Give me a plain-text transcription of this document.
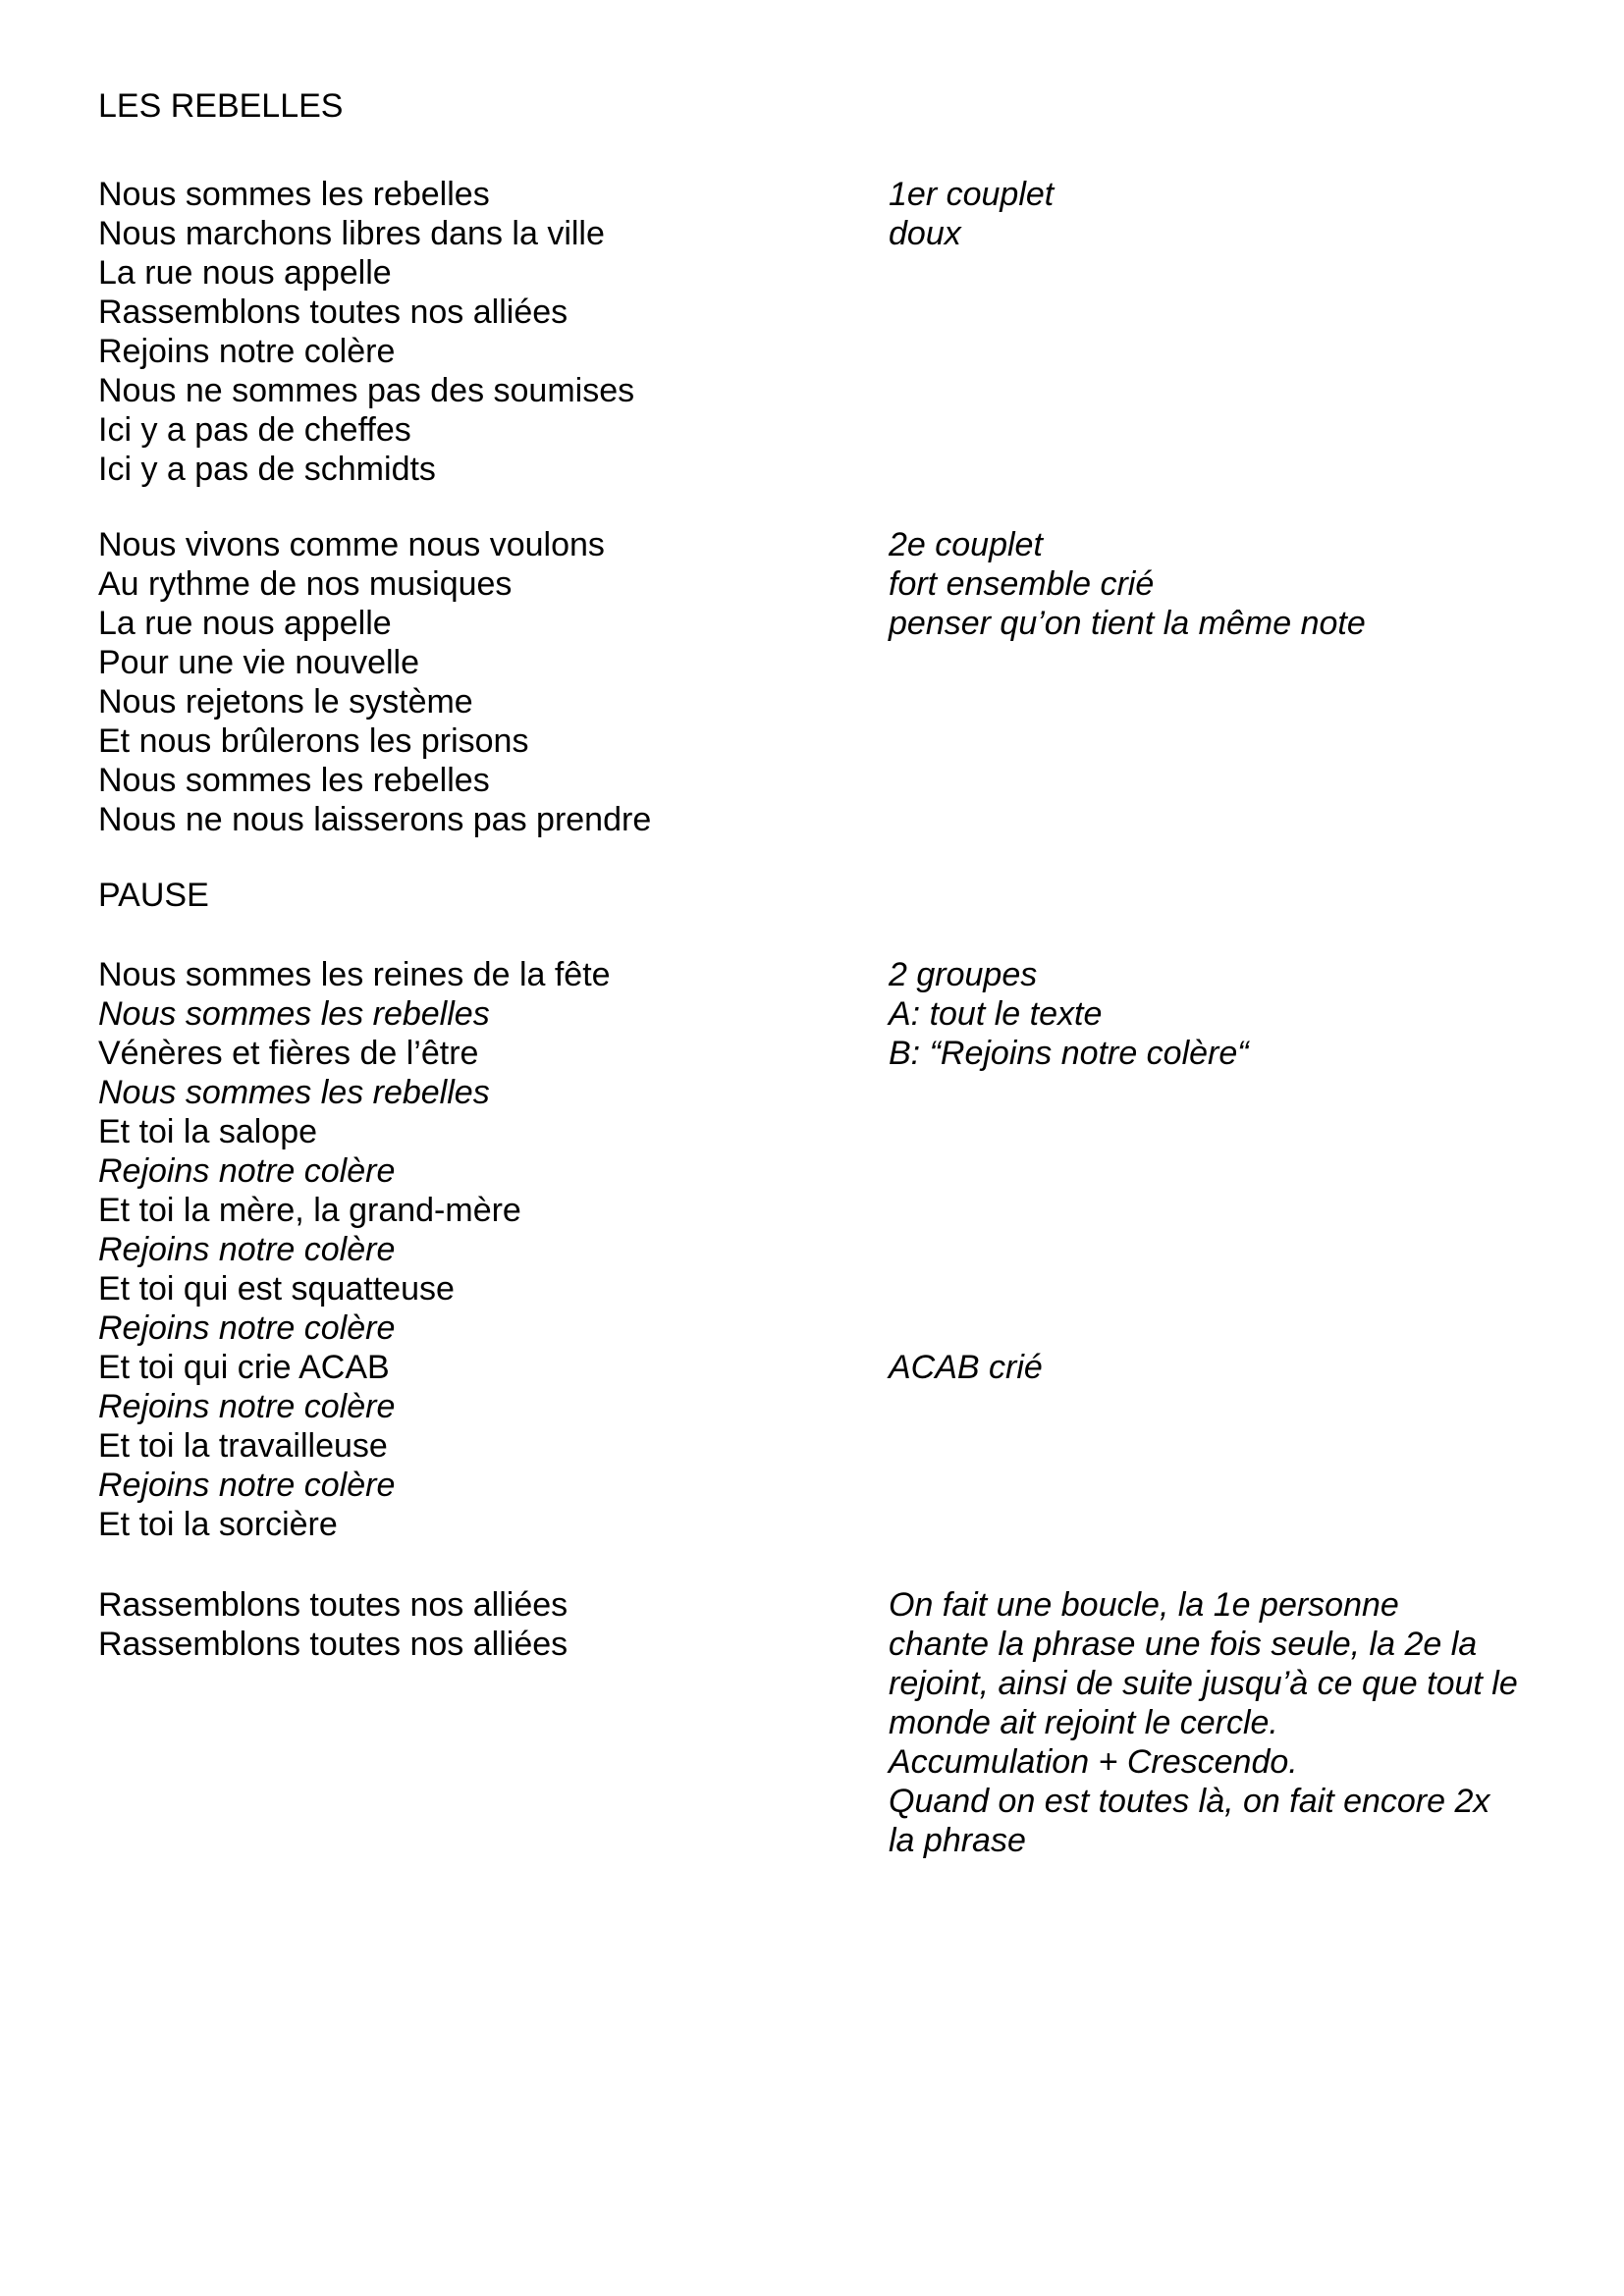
LES REBELLES
Nous sommes les rebelles
Nous marchons libres dans la ville
La rue nous appelle
Rassemblons toutes nos alliées
Rejoins notre colère
Nous ne sommes pas des soumises
Ici y a pas de cheffes
Ici y a pas de schmidts
1er couplet
doux
Nous vivons comme nous voulons
Au rythme de nos musiques
La rue nous appelle
Pour une vie nouvelle
Nous rejetons le système
Et nous brûlerons les prisons
Nous sommes les rebelles
Nous ne nous laisserons pas prendre
2e couplet
fort ensemble crié
penser qu’on tient la même note
PAUSE
Nous sommes les reines de la fête
Nous sommes les rebelles
Vénères et fières de l’être
Nous sommes les rebelles
Et toi la salope
Rejoins notre colère
Et toi la mère, la grand-mère
Rejoins notre colère
Et toi qui est squatteuse
Rejoins notre colère
Et toi qui crie ACAB
Rejoins notre colère
Et toi la travailleuse
Rejoins notre colère
Et toi la sorcière
2 groupes
A: tout le texte
B: “Rejoins notre colère“
ACAB crié
Rassemblons toutes nos alliées
Rassemblons toutes nos alliées
On fait une boucle, la 1e personne
chante la phrase une fois seule, la 2e la
rejoint, ainsi de suite jusqu’à ce que tout le
monde ait rejoint le cercle.
Accumulation + Crescendo.
Quand on est toutes là, on fait encore 2x
la phrase
